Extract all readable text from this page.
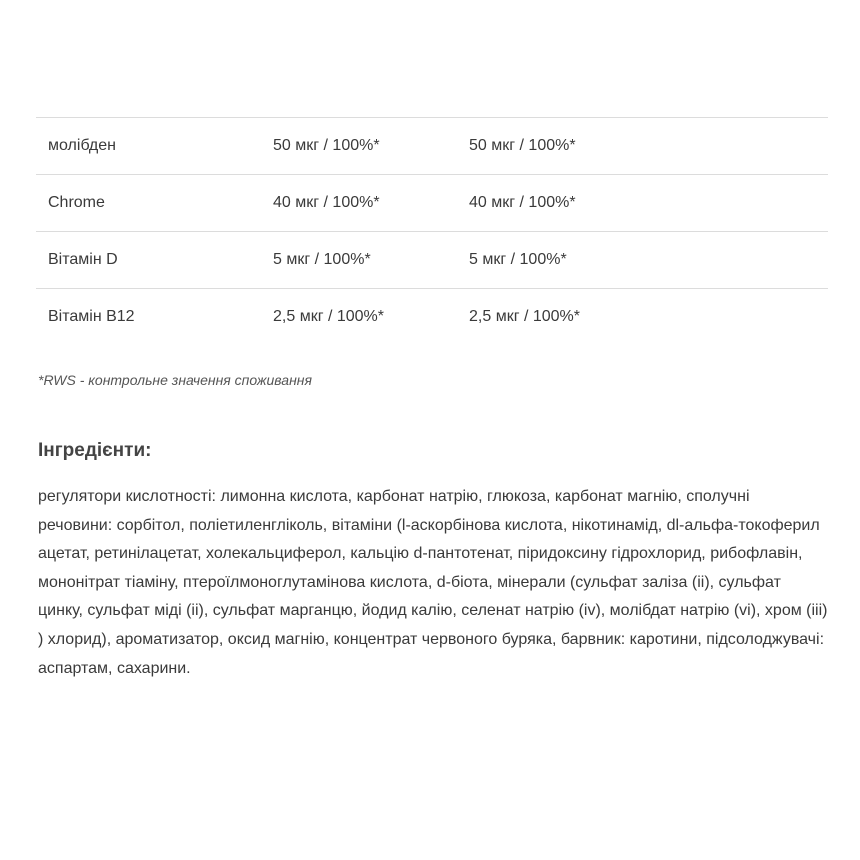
молібден	50 мкг / 100%*	50 мкг / 100%*
Chrome	40 мкг / 100%*	40 мкг / 100%*
Вітамін D	5 мкг / 100%*	5 мкг / 100%*
Вітамін B12	2,5 мкг / 100%*	2,5 мкг / 100%*
*RWS - контрольне значення споживання
Інгредієнти:

регулятори кислотності: лимонна кислота, карбонат натрію, глюкоза, карбонат магнію, сполучні речовини: сорбітол, поліетиленгліколь, вітаміни (l-аскорбінова кислота, нікотинамід, dl-альфа-токоферил ацетат, ретинілацетат, холекальциферол, кальцію d-пантотенат, піридоксину гідрохлорид, рибофлавін, мононітрат тіаміну, птероїлмоноглутамінова кислота, d-біота, мінерали (сульфат заліза (ii), сульфат цинку, сульфат міді (ii), сульфат марганцю, йодид калію, селенат натрію (iv), молібдат натрію (vi), хром (iii) ) хлорид), ароматизатор, оксид магнію, концентрат червоного буряка, барвник: каротини, підсолоджувачі: аспартам, сахарини.
